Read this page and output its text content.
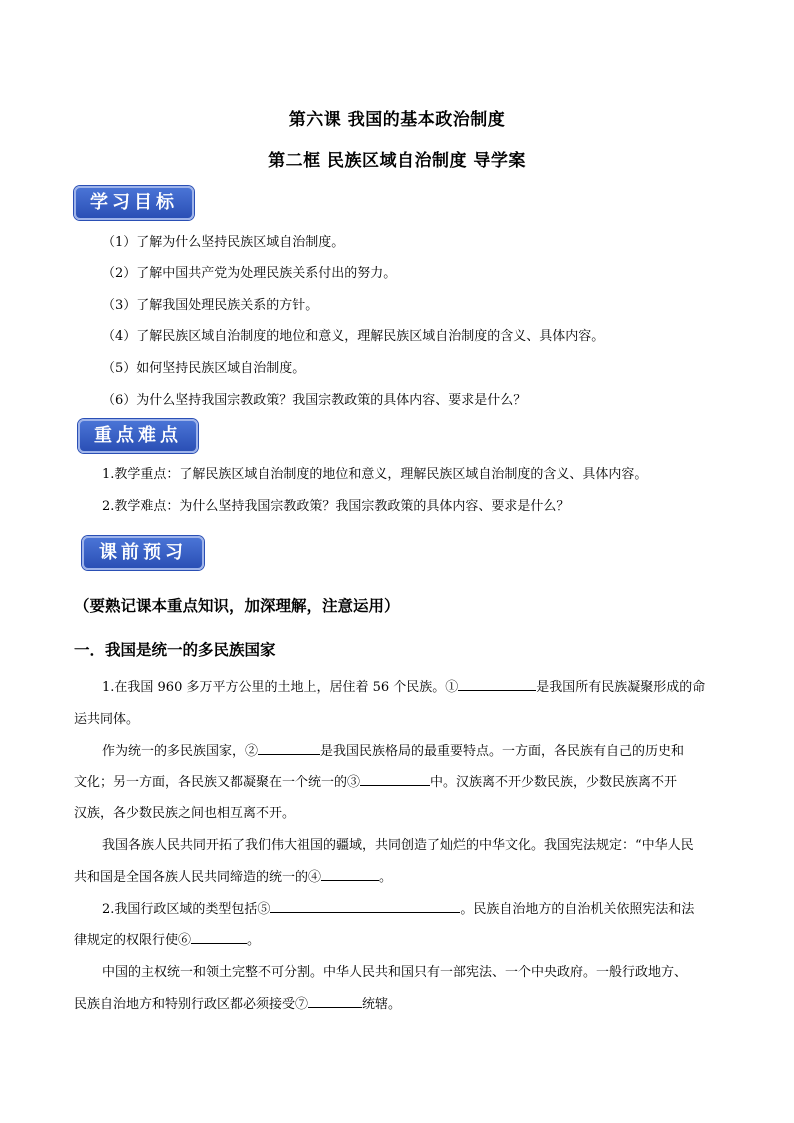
第六课 我国的基本政治制度
第二框 民族区域自治制度 导学案
学习目标
（1）了解为什么坚持民族区域自治制度。
（2）了解中国共产党为处理民族关系付出的努力。
（3）了解我国处理民族关系的方针。
（4）了解民族区域自治制度的地位和意义，理解民族区域自治制度的含义、具体内容。
（5）如何坚持民族区域自治制度。
（6）为什么坚持我国宗教政策？我国宗教政策的具体内容、要求是什么？
重点难点
1.教学重点：了解民族区域自治制度的地位和意义，理解民族区域自治制度的含义、具体内容。
2.教学难点：为什么坚持我国宗教政策？我国宗教政策的具体内容、要求是什么？
课前预习
（要熟记课本重点知识，加深理解，注意运用）
一．我国是统一的多民族国家
1.在我国 960 多万平方公里的土地上，居住着 56 个民族。①	是我国所有民族凝聚形成的命
运共同体。
作为统一的多民族国家，②	是我国民族格局的最重要特点。一方面，各民族有自己的历史和
文化；另一方面，各民族又都凝聚在一个统一的③	中。汉族离不开少数民族，少数民族离不开
汉族，各少数民族之间也相互离不开。
我国各族人民共同开拓了我们伟大祖国的疆域，共同创造了灿烂的中华文化。我国宪法规定：“中华人民
共和国是全国各族人民共同缔造的统一的④	。
2.我国行政区域的类型包括⑤	。民族自治地方的自治机关依照宪法和法
律规定的权限行使⑥	。
中国的主权统一和领土完整不可分割。中华人民共和国只有一部宪法、一个中央政府。一般行政地方、
民族自治地方和特别行政区都必须接受⑦	统辖。
